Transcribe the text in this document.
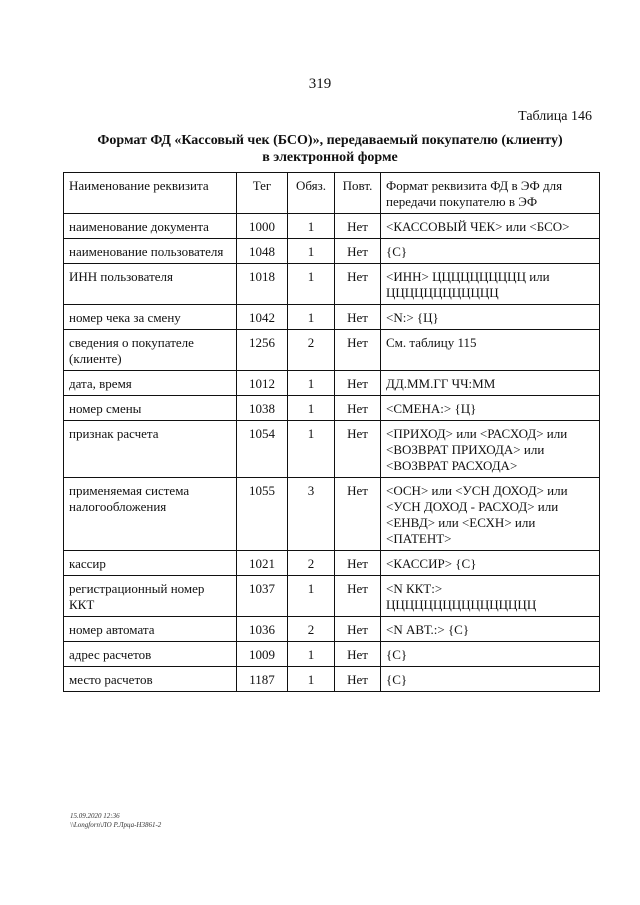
319
Таблица 146
Формат ФД «Кассовый чек (БСО)», передаваемый покупателю (клиенту)
в электронной форме
Наименование реквизита	Тег	Обяз.	Повт.	Формат реквизита ФД в ЭФ для передачи покупателю в ЭФ
наименование документа	1000	1	Нет	<КАССОВЫЙ ЧЕК> или <БСО>
наименование пользователя	1048	1	Нет	{С}
ИНН пользователя	1018	1	Нет	<ИНН> ЦЦЦЦЦЦЦЦЦЦ или ЦЦЦЦЦЦЦЦЦЦЦЦ
номер чека за смену	1042	1	Нет	<N:> {Ц}
сведения о покупателе (клиенте)	1256	2	Нет	См. таблицу 115
дата, время	1012	1	Нет	ДД.ММ.ГГ ЧЧ:ММ
номер смены	1038	1	Нет	<СМЕНА:> {Ц}
признак расчета	1054	1	Нет	<ПРИХОД> или <РАСХОД> или <ВОЗВРАТ ПРИХОДА> или <ВОЗВРАТ РАСХОДА>
применяемая система налогообложения	1055	3	Нет	<ОСН> или <УСН ДОХОД> или <УСН ДОХОД - РАСХОД> или <ЕНВД> или <ЕСХН> или <ПАТЕНТ>
кассир	1021	2	Нет	<КАССИР> {С}
регистрационный номер ККТ	1037	1	Нет	<N ККТ:> ЦЦЦЦЦЦЦЦЦЦЦЦЦЦЦЦ
номер автомата	1036	2	Нет	<N АВТ.:> {С}
адрес расчетов	1009	1	Нет	{С}
место расчетов	1187	1	Нет	{С}
15.09.2020 12:36
\\Longforn\ЛО Р.Лрца-Н3861-2
